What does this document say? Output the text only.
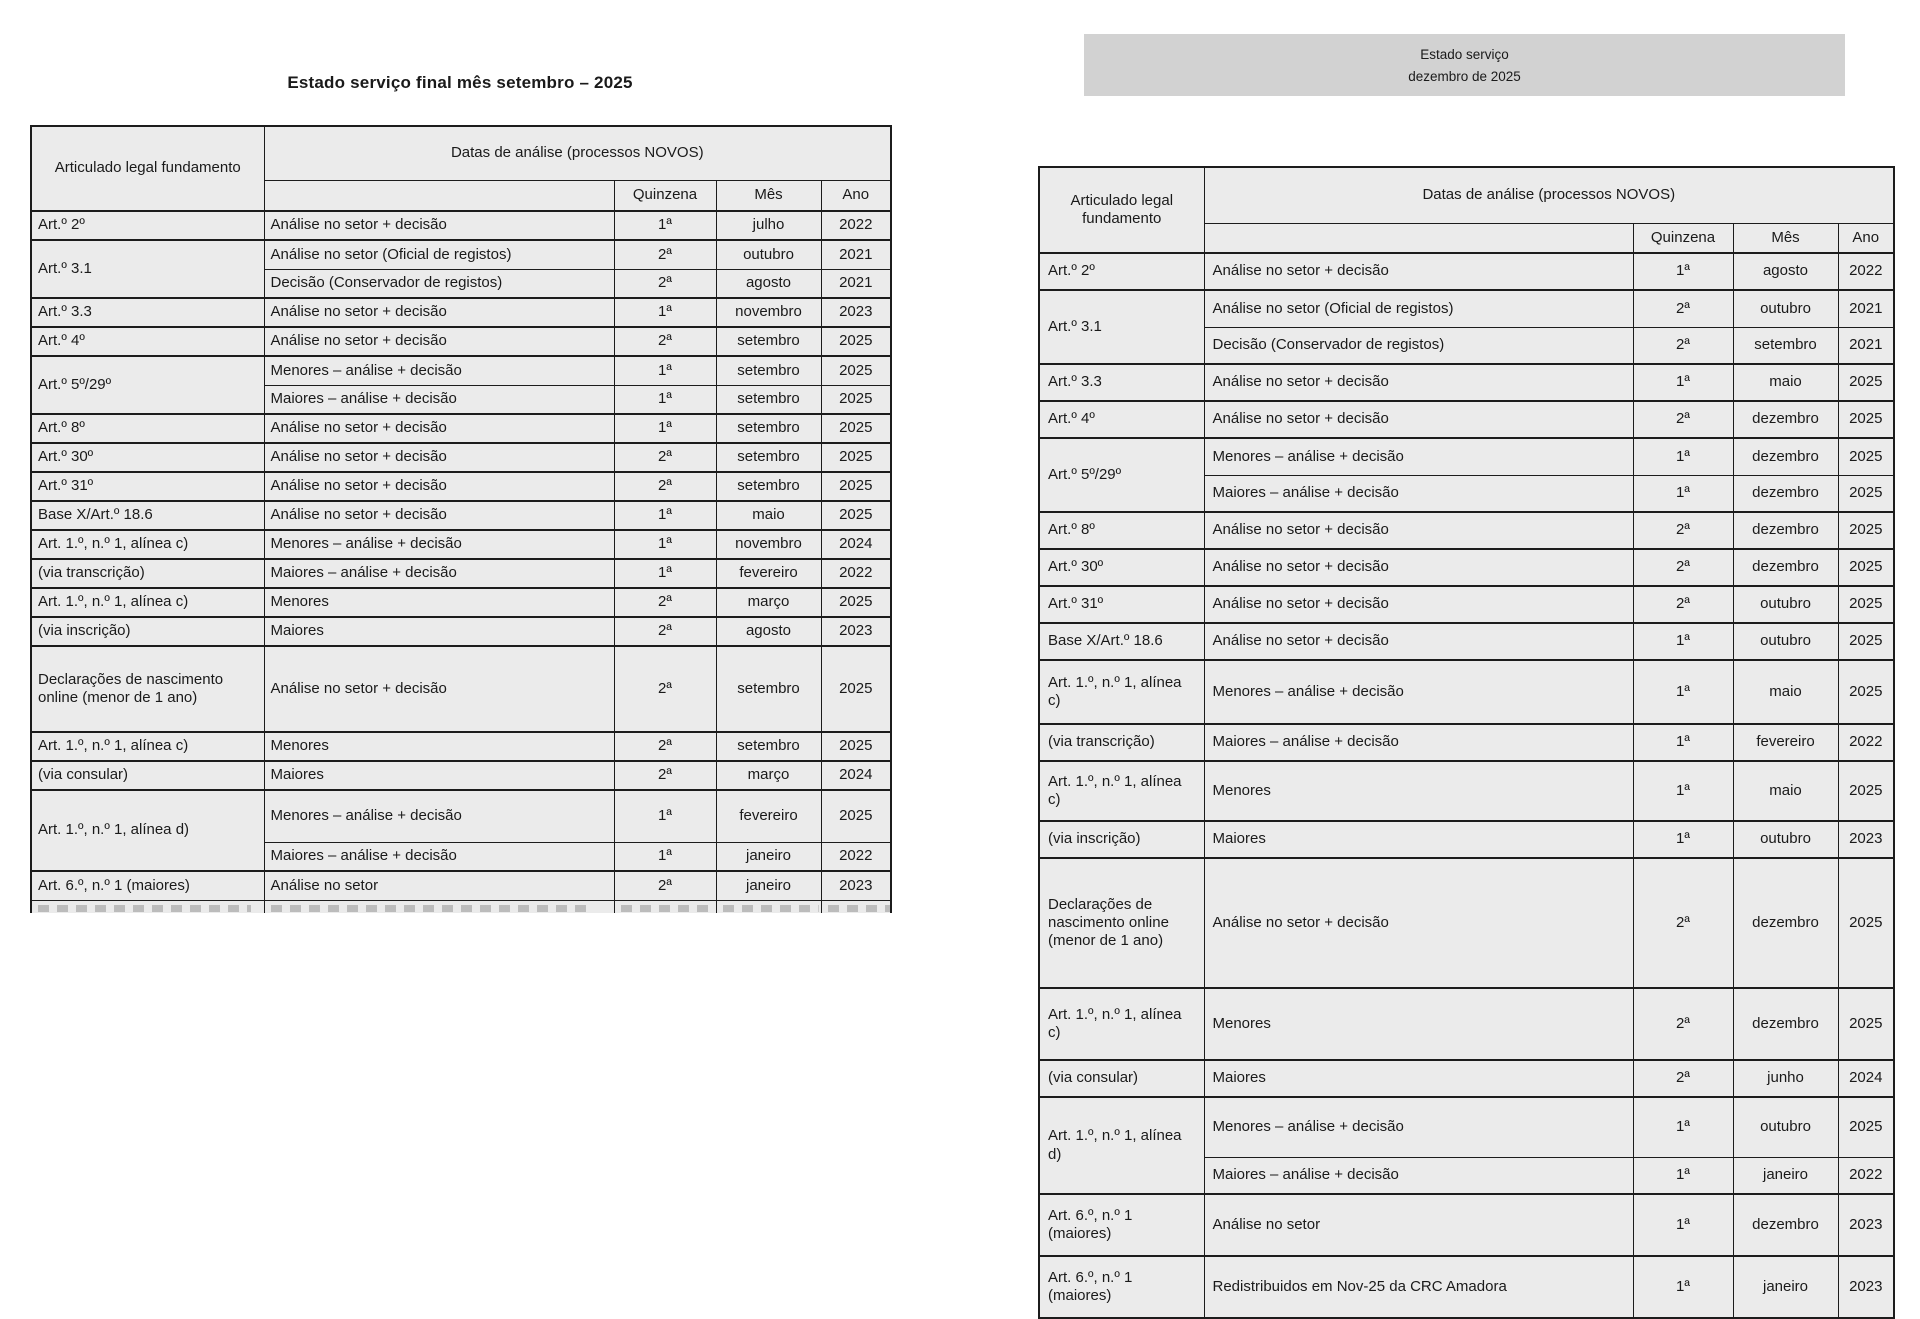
Estado serviço final mês setembro – 2025
Articulado legal fundamento	Datas de análise (processos NOVOS)			
		Quinzena	Mês	Ano
Art.º 2º	Análise no setor + decisão	1ª	julho	2022
Art.º 3.1	Análise no setor (Oficial de registos)	2ª	outubro	2021
	Decisão (Conservador de registos)	2ª	agosto	2021
Art.º 3.3	Análise no setor + decisão	1ª	novembro	2023
Art.º 4º	Análise no setor + decisão	2ª	setembro	2025
Art.º 5º/29º	Menores – análise + decisão	1ª	setembro	2025
	Maiores – análise + decisão	1ª	setembro	2025
Art.º 8º	Análise no setor + decisão	1ª	setembro	2025
Art.º 30º	Análise no setor + decisão	2ª	setembro	2025
Art.º 31º	Análise no setor + decisão	2ª	setembro	2025
Base X/Art.º 18.6	Análise no setor + decisão	1ª	maio	2025
Art. 1.º, n.º 1, alínea c)	Menores – análise + decisão	1ª	novembro	2024
(via transcrição)	Maiores – análise + decisão	1ª	fevereiro	2022
Art. 1.º, n.º 1, alínea c)	Menores	2ª	março	2025
(via inscrição)	Maiores	2ª	agosto	2023
Declarações de nascimento online (menor de 1 ano)	Análise no setor + decisão	2ª	setembro	2025
Art. 1.º, n.º 1, alínea c)	Menores	2ª	setembro	2025
(via consular)	Maiores	2ª	março	2024
Art. 1.º, n.º 1, alínea d)	Menores – análise + decisão	1ª	fevereiro	2025
	Maiores – análise + decisão	1ª	janeiro	2022
Art. 6.º, n.º 1 (maiores)	Análise no setor	2ª	janeiro	2023

Estado serviço
dezembro de 2025
Articulado legal fundamento	Datas de análise (processos NOVOS)			
		Quinzena	Mês	Ano
Art.º 2º	Análise no setor + decisão	1ª	agosto	2022
Art.º 3.1	Análise no setor (Oficial de registos)	2ª	outubro	2021
	Decisão (Conservador de registos)	2ª	setembro	2021
Art.º 3.3	Análise no setor + decisão	1ª	maio	2025
Art.º 4º	Análise no setor + decisão	2ª	dezembro	2025
Art.º 5º/29º	Menores – análise + decisão	1ª	dezembro	2025
	Maiores – análise + decisão	1ª	dezembro	2025
Art.º 8º	Análise no setor + decisão	2ª	dezembro	2025
Art.º 30º	Análise no setor + decisão	2ª	dezembro	2025
Art.º 31º	Análise no setor + decisão	2ª	outubro	2025
Base X/Art.º 18.6	Análise no setor + decisão	1ª	outubro	2025
Art. 1.º, n.º 1, alínea c)	Menores – análise + decisão	1ª	maio	2025
(via transcrição)	Maiores – análise + decisão	1ª	fevereiro	2022
Art. 1.º, n.º 1, alínea c)	Menores	1ª	maio	2025
(via inscrição)	Maiores	1ª	outubro	2023
Declarações de nascimento online (menor de 1 ano)	Análise no setor + decisão	2ª	dezembro	2025
Art. 1.º, n.º 1, alínea c)	Menores	2ª	dezembro	2025
(via consular)	Maiores	2ª	junho	2024
Art. 1.º, n.º 1, alínea d)	Menores – análise + decisão	1ª	outubro	2025
	Maiores – análise + decisão	1ª	janeiro	2022
Art. 6.º, n.º 1 (maiores)	Análise no setor	1ª	dezembro	2023
Art. 6.º, n.º 1 (maiores)	Redistribuidos em Nov-25 da CRC Amadora	1ª	janeiro	2023
